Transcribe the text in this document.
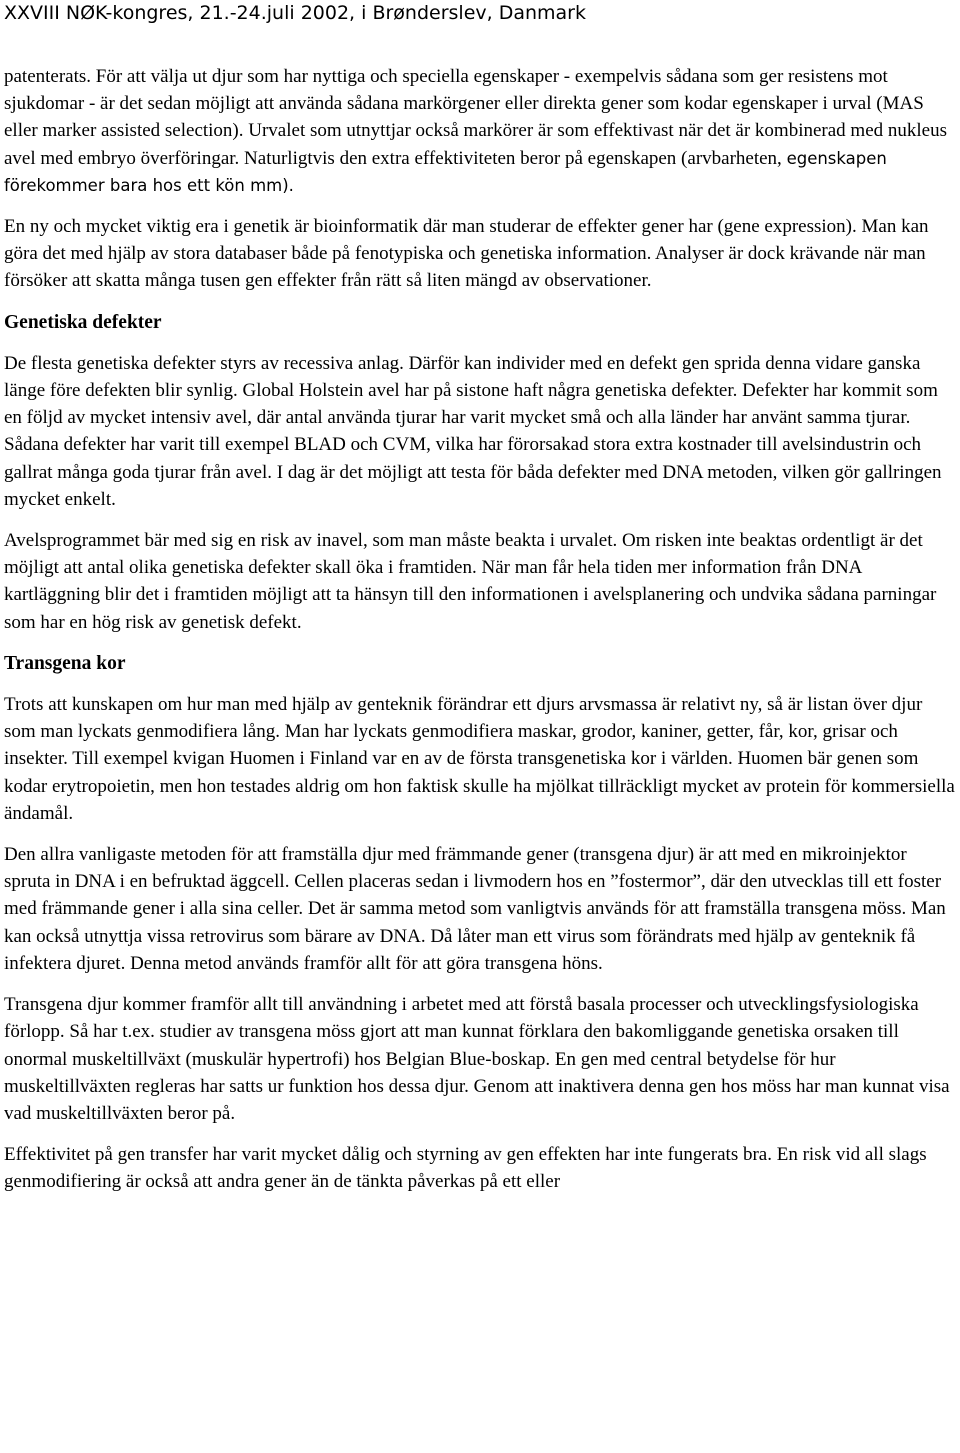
XXVIII NØK-kongres, 21.-24.juli 2002, i Brønderslev, Danmark

patenterats. För att välja ut djur som har nyttiga och speciella egenskaper - exempelvis sådana som ger resistens mot sjukdomar - är det sedan möjligt att använda sådana markörgener eller direkta gener som kodar egenskaper i urval (MAS eller marker assisted selection). Urvalet som utnyttjar också markörer är som effektivast när det är kombinerad med nukleus avel med embryo överföringar. Naturligtvis den extra effektiviteten beror på egenskapen (arvbarheten, egenskapen förekommer bara hos ett kön mm).

En ny och mycket viktig era i genetik är bioinformatik där man studerar de effekter gener har (gene expression). Man kan göra det med hjälp av stora databaser både på fenotypiska och genetiska information. Analyser är dock krävande när man försöker att skatta många tusen gen effekter från rätt så liten mängd av observationer.

Genetiska defekter

De flesta genetiska defekter styrs av recessiva anlag. Därför kan individer med en defekt gen sprida denna vidare ganska länge före defekten blir synlig. Global Holstein avel har på sistone haft några genetiska defekter. Defekter har kommit som en följd av mycket intensiv avel, där antal använda tjurar har varit mycket små och alla länder har använt samma tjurar. Sådana defekter har varit till exempel BLAD och CVM, vilka har förorsakad stora extra kostnader till avelsindustrin och gallrat många goda tjurar från avel. I dag är det möjligt att testa för båda defekter med DNA metoden, vilken gör gallringen mycket enkelt.

Avelsprogrammet bär med sig en risk av inavel, som man måste beakta i urvalet. Om risken inte beaktas ordentligt är det möjligt att antal olika genetiska defekter skall öka i framtiden. När man får hela tiden mer information från DNA kartläggning blir det i framtiden möjligt att ta hänsyn till den informationen i avelsplanering och undvika sådana parningar som har en hög risk av genetisk defekt.

Transgena kor

Trots att kunskapen om hur man med hjälp av genteknik förändrar ett djurs arvsmassa är relativt ny, så är listan över djur som man lyckats genmodifiera lång. Man har lyckats genmodifiera maskar, grodor, kaniner, getter, får, kor, grisar och insekter. Till exempel kvigan Huomen i Finland var en av de första transgenetiska kor i världen. Huomen bär genen som kodar erytropoietin, men hon testades aldrig om hon faktisk skulle ha mjölkat tillräckligt mycket av protein för kommersiella ändamål.

Den allra vanligaste metoden för att framställa djur med främmande gener (transgena djur) är att med en mikroinjektor spruta in DNA i en befruktad äggcell. Cellen placeras sedan i livmodern hos en ”fostermor”, där den utvecklas till ett foster med främmande gener i alla sina celler. Det är samma metod som vanligtvis används för att framställa transgena möss. Man kan också utnyttja vissa retrovirus som bärare av DNA. Då låter man ett virus som förändrats med hjälp av genteknik få infektera djuret. Denna metod används framför allt för att göra transgena höns.

Transgena djur kommer framför allt till användning i arbetet med att förstå basala processer och utvecklingsfysiologiska förlopp. Så har t.ex. studier av transgena möss gjort att man kunnat förklara den bakomliggande genetiska orsaken till onormal muskeltillväxt (muskulär hypertrofi) hos Belgian Blue-boskap. En gen med central betydelse för hur muskeltillväxten regleras har satts ur funktion hos dessa djur. Genom att inaktivera denna gen hos möss har man kunnat visa vad muskeltillväxten beror på.

Effektivitet på gen transfer har varit mycket dålig och styrning av gen effekten har inte fungerats bra. En risk vid all slags genmodifiering är också att andra gener än de tänkta påverkas på ett eller
